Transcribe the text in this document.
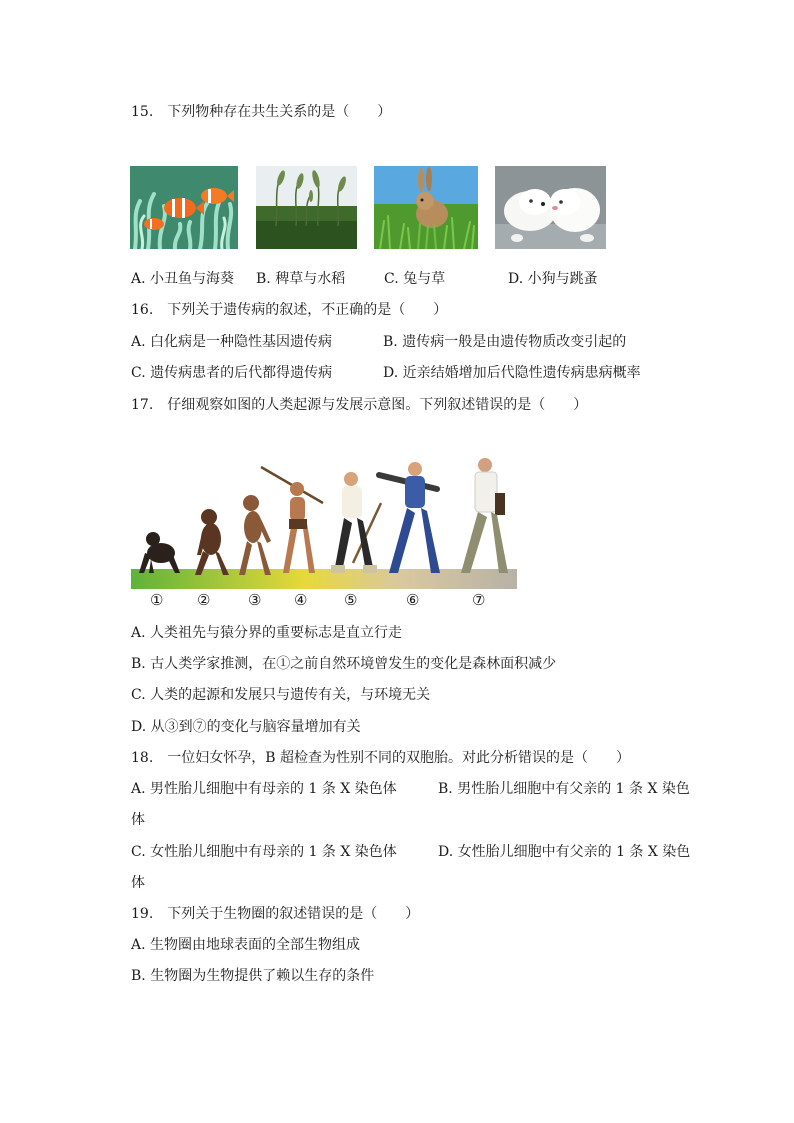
15.　下列物种存在共生关系的是（　　）
A. 小丑鱼与海葵 B. 稗草与水稻	C. 兔与草	D. 小狗与跳蚤
16.　下列关于遗传病的叙述，不正确的是（　　）
A. 白化病是一种隐性基因遗传病	B. 遗传病一般是由遗传物质改变引起的
C. 遗传病患者的后代都得遗传病	D. 近亲结婚增加后代隐性遗传病患病概率
17.　仔细观察如图的人类起源与发展示意图。下列叙述错误的是（　　）
① ②	③ ④ ⑤	⑥	⑦
A. 人类祖先与猿分界的重要标志是直立行走
B. 古人类学家推测，在①之前自然环境曾发生的变化是森林面积减少
C. 人类的起源和发展只与遗传有关，与环境无关
D. 从③到⑦的变化与脑容量增加有关
18.　一位妇女怀孕，B 超检查为性别不同的双胞胎。对此分析错误的是（　　）
A. 男性胎儿细胞中有母亲的 1 条 X 染色体	B. 男性胎儿细胞中有父亲的 1 条 X 染色
体
C. 女性胎儿细胞中有母亲的 1 条 X 染色体	D. 女性胎儿细胞中有父亲的 1 条 X 染色
体
19.　下列关于生物圈的叙述错误的是（　　）
A. 生物圈由地球表面的全部生物组成
B. 生物圈为生物提供了赖以生存的条件
